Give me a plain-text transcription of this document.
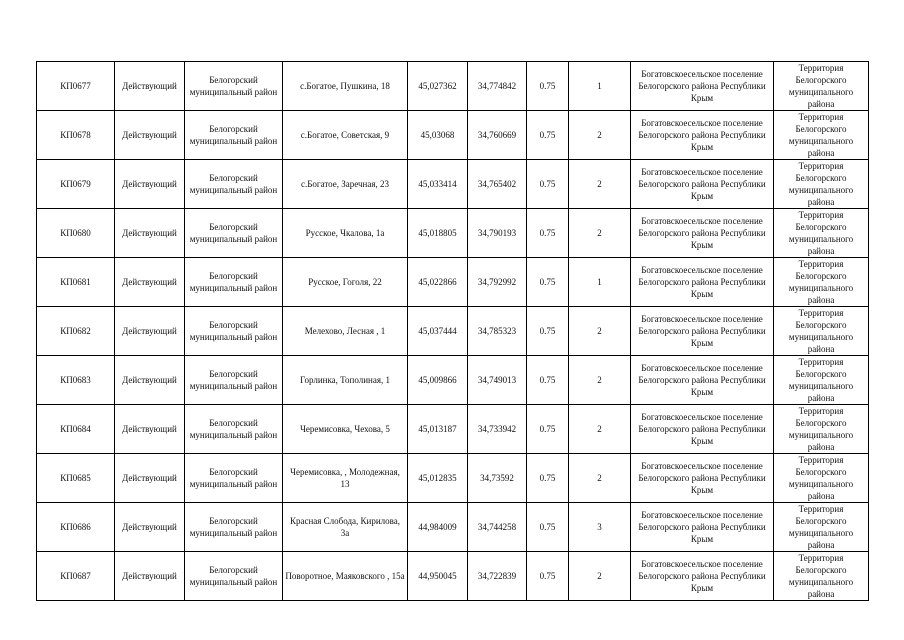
КП0677	Действующий	Белогорский муниципальный район	с.Богатое, Пушкина, 18	45,027362	34,774842	0.75	1	Богатовскоесельское поселение Белогорского района Республики Крым	Территория Белогорского муниципального района
КП0678	Действующий	Белогорский муниципальный район	с.Богатое, Советская, 9	45,03068	34,760669	0.75	2	Богатовскоесельское поселение Белогорского района Республики Крым	Территория Белогорского муниципального района
КП0679	Действующий	Белогорский муниципальный район	с.Богатое, Заречная, 23	45,033414	34,765402	0.75	2	Богатовскоесельское поселение Белогорского района Республики Крым	Территория Белогорского муниципального района
КП0680	Действующий	Белогорский муниципальный район	Русское, Чкалова, 1а	45,018805	34,790193	0.75	2	Богатовскоесельское поселение Белогорского района Республики Крым	Территория Белогорского муниципального района
КП0681	Действующий	Белогорский муниципальный район	Русское, Гоголя, 22	45,022866	34,792992	0.75	1	Богатовскоесельское поселение Белогорского района Республики Крым	Территория Белогорского муниципального района
КП0682	Действующий	Белогорский муниципальный район	Мелехово, Лесная , 1	45,037444	34,785323	0.75	2	Богатовскоесельское поселение Белогорского района Республики Крым	Территория Белогорского муниципального района
КП0683	Действующий	Белогорский муниципальный район	Горлинка, Тополиная, 1	45,009866	34,749013	0.75	2	Богатовскоесельское поселение Белогорского района Республики Крым	Территория Белогорского муниципального района
КП0684	Действующий	Белогорский муниципальный район	Черемисовка, Чехова, 5	45,013187	34,733942	0.75	2	Богатовскоесельское поселение Белогорского района Республики Крым	Территория Белогорского муниципального района
КП0685	Действующий	Белогорский муниципальный район	Черемисовка, , Молодежная, 13	45,012835	34,73592	0.75	2	Богатовскоесельское поселение Белогорского района Республики Крым	Территория Белогорского муниципального района
КП0686	Действующий	Белогорский муниципальный район	Красная Слобода, Кирилова, 3а	44,984009	34,744258	0.75	3	Богатовскоесельское поселение Белогорского района Республики Крым	Территория Белогорского муниципального района
КП0687	Действующий	Белогорский муниципальный район	Поворотное, Маяковского , 15а	44,950045	34,722839	0.75	2	Богатовскоесельское поселение Белогорского района Республики Крым	Территория Белогорского муниципального района
